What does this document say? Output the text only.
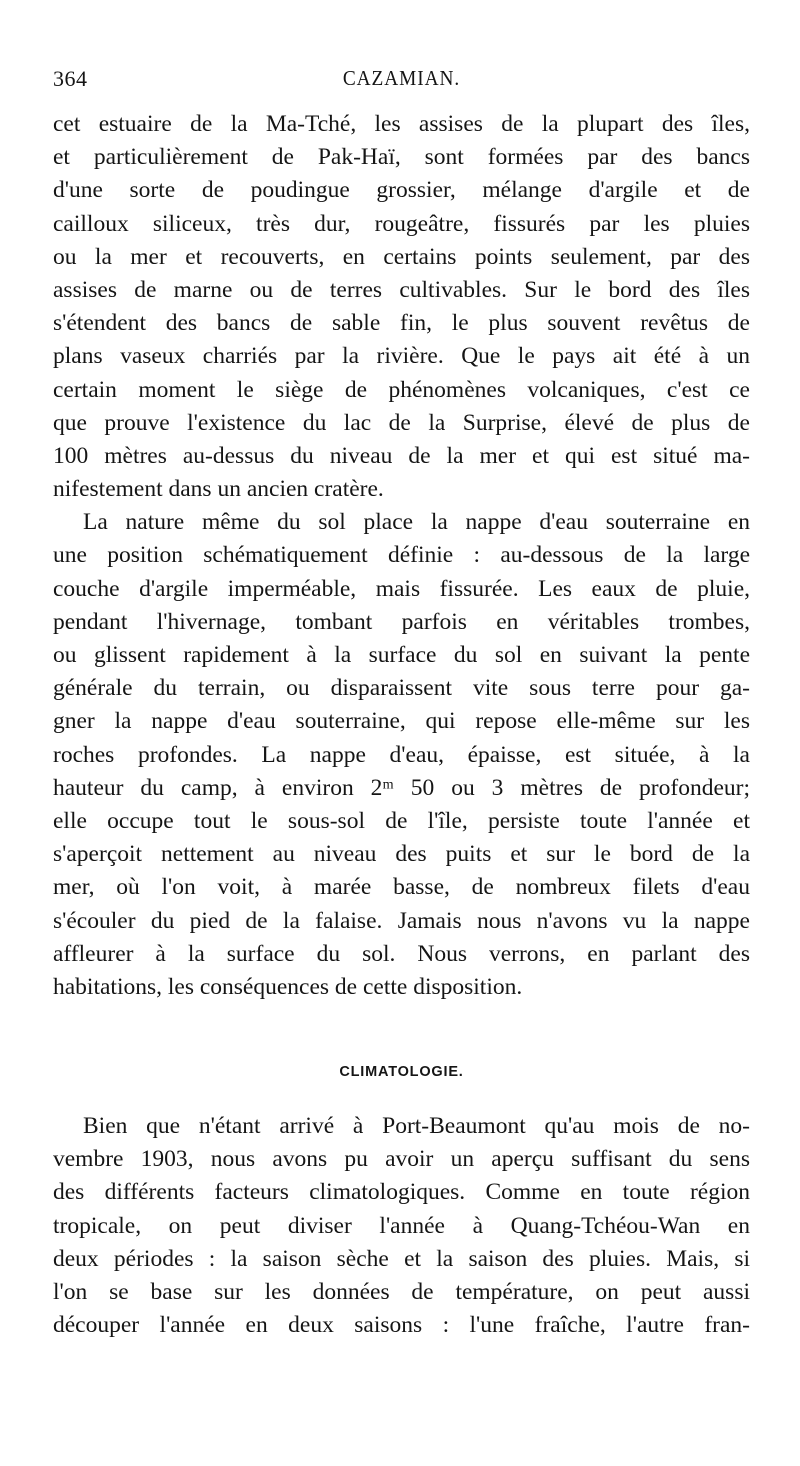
364	CAZAMIAN.
cet estuaire de la Ma-Tché, les assises de la plupart des îles,
et particulièrement de Pak-Haï, sont formées par des bancs
d'une sorte de poudingue grossier, mélange d'argile et de
cailloux siliceux, très dur, rougeâtre, fissurés par les pluies
ou la mer et recouverts, en certains points seulement, par des
assises de marne ou de terres cultivables. Sur le bord des îles
s'étendent des bancs de sable fin, le plus souvent revêtus de
plans vaseux charriés par la rivière. Que le pays ait été à un
certain moment le siège de phénomènes volcaniques, c'est ce
que prouve l'existence du lac de la Surprise, élevé de plus de
100 mètres au-dessus du niveau de la mer et qui est situé ma-
nifestement dans un ancien cratère.
La nature même du sol place la nappe d'eau souterraine en
une position schématiquement définie : au-dessous de la large
couche d'argile imperméable, mais fissurée. Les eaux de pluie,
pendant l'hivernage, tombant parfois en véritables trombes,
ou glissent rapidement à la surface du sol en suivant la pente
générale du terrain, ou disparaissent vite sous terre pour ga-
gner la nappe d'eau souterraine, qui repose elle-même sur les
roches profondes. La nappe d'eau, épaisse, est située, à la
hauteur du camp, à environ 2ᵐ 50 ou 3 mètres de profondeur;
elle occupe tout le sous-sol de l'île, persiste toute l'année et
s'aperçoit nettement au niveau des puits et sur le bord de la
mer, où l'on voit, à marée basse, de nombreux filets d'eau
s'écouler du pied de la falaise. Jamais nous n'avons vu la nappe
affleurer à la surface du sol. Nous verrons, en parlant des
habitations, les conséquences de cette disposition.
CLIMATOLOGIE.
Bien que n'étant arrivé à Port-Beaumont qu'au mois de no-
vembre 1903, nous avons pu avoir un aperçu suffisant du sens
des différents facteurs climatologiques. Comme en toute région
tropicale, on peut diviser l'année à Quang-Tchéou-Wan en
deux périodes : la saison sèche et la saison des pluies. Mais, si
l'on se base sur les données de température, on peut aussi
découper l'année en deux saisons : l'une fraîche, l'autre fran-
